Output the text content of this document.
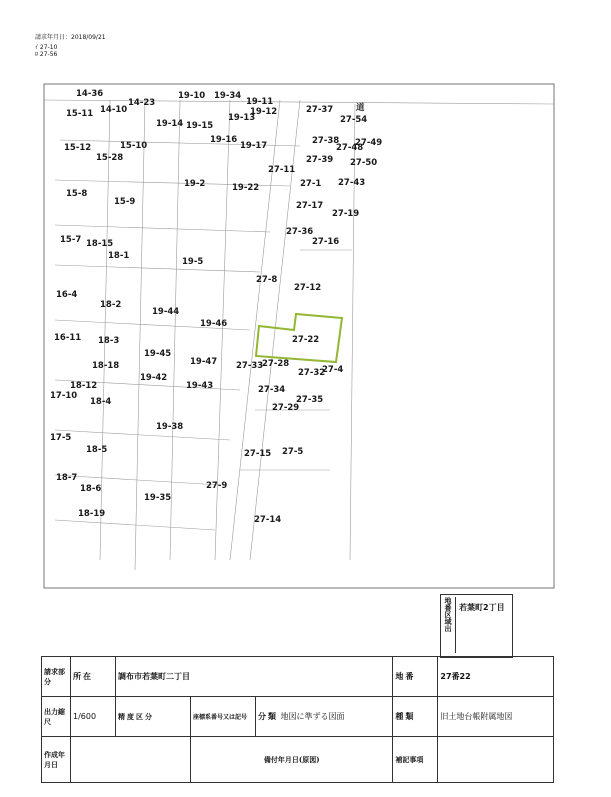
請求年月日：2018/09/21
ｲ 27-10
ﾛ 27-56
14-36
15-11 14-10
14-23
19-10 19-34
19-11
19-12	27-37
27-54
19-14 19-15
19-13
15-12
15-28
15-10
19-16
19-17	27-38
27-48
27-49
27-39 27-50
15-8
15-9
19-2	19-22
27-11
27-1 27-43
27-17
27-19
15-7 18-15
27-36
27-16
18-1
19-5
27-8
27-12
16-4
18-2
19-44
19-46
16-11 18-3
19-45
19-47
27-22
18-18
19-42
19-43
27-33
27-28
27-32
27-4
17-10
18-12
18-4
27-34
27-35
27-29
19-38
17-5
18-5	27-15 27-5
18-7
18-6	27-9
19-35
18-19
27-14
道
地番区域出 若葉町2丁目
請求部分	所在	調布市若葉町二丁目			地番	27番22
出力縮尺	1/600	精度区分	座標系番号又は記号	分類 地図に準ずる図面	種類	旧土地台帳附属地図
作成年月日			備付年月日(原図)		補記事項	
